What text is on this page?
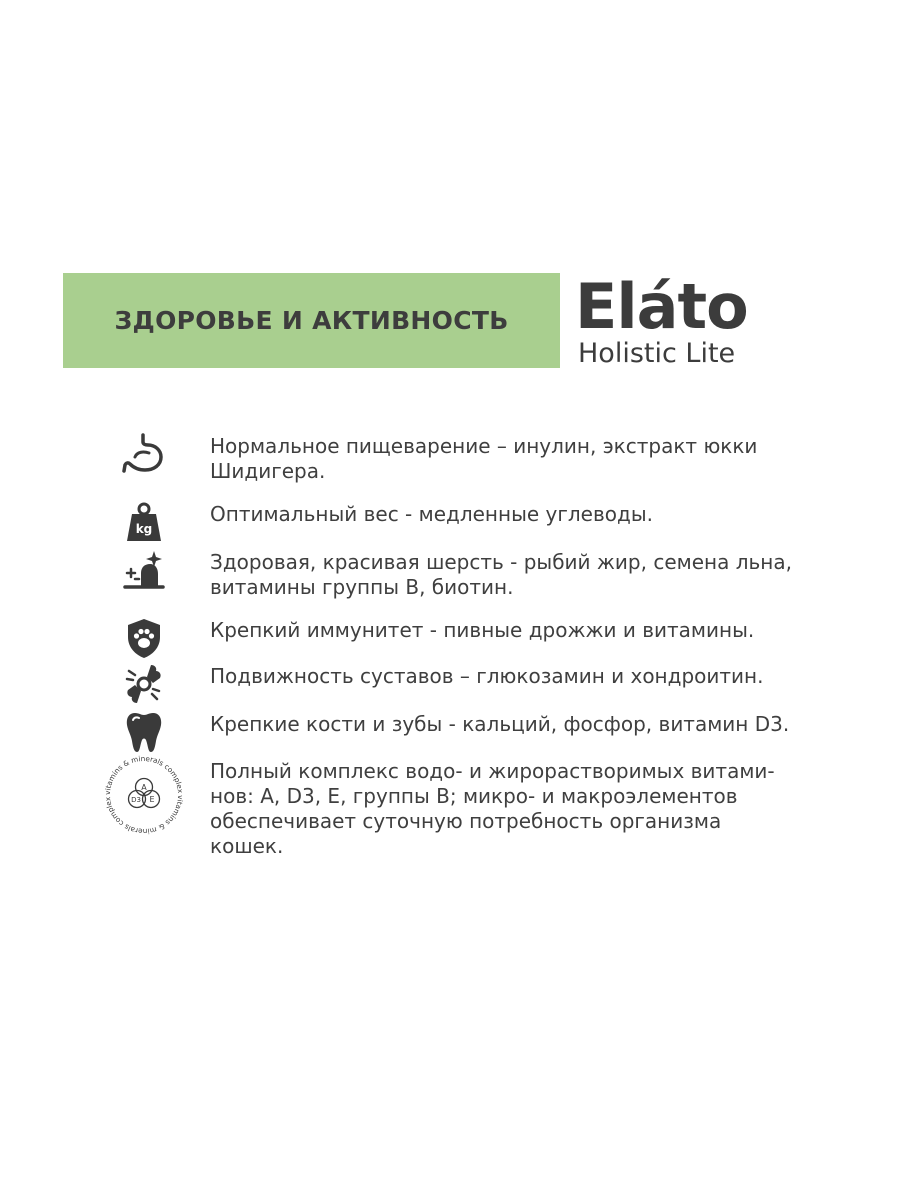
ЗДОРОВЬЕ И АКТИВНОСТЬ Eláto
Holistic Lite
Нормальное пищеварение – инулин, экстракт юкки
Шидигера.
kg
Оптимальный вес - медленные углеводы.
Здоровая, красивая шерсть - рыбий жир, семена льна,
витамины группы В, биотин.
Крепкий иммунитет - пивные дрожжи и витамины.
Подвижность суставов – глюкозамин и хондроитин.
Крепкие кости и зубы - кальций, фосфор, витамин D3.
vitamins & minerals complex
vitamins & minerals complex
A
D3 E
Полный комплекс водо- и жирорастворимых витами-
нов: А, D3, Е, группы В; микро- и макроэлементов
обеспечивает суточную потребность организма кошек.
